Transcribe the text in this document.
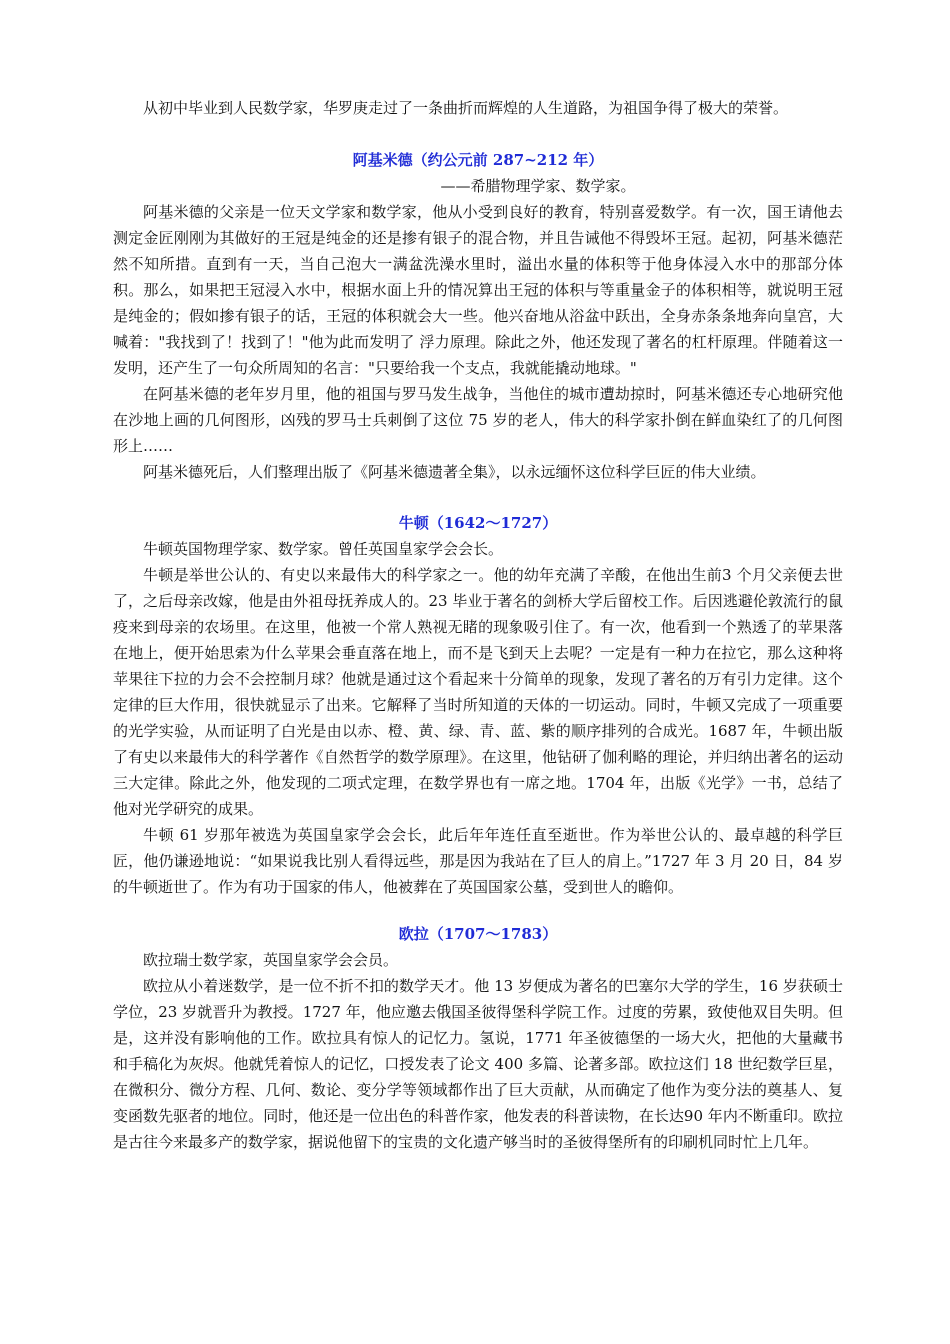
从初中毕业到人民数学家，华罗庚走过了一条曲折而辉煌的人生道路，为祖国争得了极大的荣誉。

阿基米德（约公元前 287~212 年）

——希腊物理学家、数学家。

阿基米德的父亲是一位天文学家和数学家，他从小受到良好的教育，特别喜爱数学。有一次，国王请他去测定金匠刚刚为其做好的王冠是纯金的还是掺有银子的混合物，并且告诫他不得毁坏王冠。起初，阿基米德茫然不知所措。直到有一天，当自己泡大一满盆洗澡水里时，溢出水量的体积等于他身体浸入水中的那部分体积。那么，如果把王冠浸入水中，根据水面上升的情况算出王冠的体积与等重量金子的体积相等，就说明王冠是纯金的；假如掺有银子的话，王冠的体积就会大一些。他兴奋地从浴盆中跃出，全身赤条条地奔向皇宫，大喊着："我找到了！找到了！"他为此而发明了 浮力原理。除此之外，他还发现了著名的杠杆原理。伴随着这一发明，还产生了一句众所周知的名言："只要给我一个支点，我就能撬动地球。"

在阿基米德的老年岁月里，他的祖国与罗马发生战争，当他住的城市遭劫掠时，阿基米德还专心地研究他在沙地上画的几何图形，凶残的罗马士兵刺倒了这位 75 岁的老人，伟大的科学家扑倒在鲜血染红了的几何图形上……

阿基米德死后，人们整理出版了《阿基米德遗著全集》，以永远缅怀这位科学巨匠的伟大业绩。

牛顿（1642～1727）

牛顿英国物理学家、数学家。曾任英国皇家学会会长。

牛顿是举世公认的、有史以来最伟大的科学家之一。他的幼年充满了辛酸，在他出生前3 个月父亲便去世了，之后母亲改嫁，他是由外祖母抚养成人的。23 毕业于著名的剑桥大学后留校工作。后因逃避伦敦流行的鼠疫来到母亲的农场里。在这里，他被一个常人熟视无睹的现象吸引住了。有一次，他看到一个熟透了的苹果落在地上，便开始思索为什么苹果会垂直落在地上，而不是飞到天上去呢？一定是有一种力在拉它，那么这种将苹果往下拉的力会不会控制月球？他就是通过这个看起来十分简单的现象，发现了著名的万有引力定律。这个定律的巨大作用，很快就显示了出来。它解释了当时所知道的天体的一切运动。同时，牛顿又完成了一项重要的光学实验，从而证明了白光是由以赤、橙、黄、绿、青、蓝、紫的顺序排列的合成光。1687 年，牛顿出版了有史以来最伟大的科学著作《自然哲学的数学原理》。在这里，他钻研了伽利略的理论，并归纳出著名的运动三大定律。除此之外，他发现的二项式定理，在数学界也有一席之地。1704 年，出版《光学》一书，总结了他对光学研究的成果。

牛顿 61 岁那年被选为英国皇家学会会长，此后年年连任直至逝世。作为举世公认的、最卓越的科学巨匠，他仍谦逊地说：“如果说我比别人看得远些，那是因为我站在了巨人的肩上。”1727 年 3 月 20 日，84 岁的牛顿逝世了。作为有功于国家的伟人，他被葬在了英国国家公墓，受到世人的瞻仰。

欧拉（1707～1783）

欧拉瑞士数学家，英国皇家学会会员。

欧拉从小着迷数学，是一位不折不扣的数学天才。他 13 岁便成为著名的巴塞尔大学的学生，16 岁获硕士学位，23 岁就晋升为教授。1727 年，他应邀去俄国圣彼得堡科学院工作。过度的劳累，致使他双目失明。但是，这并没有影响他的工作。欧拉具有惊人的记忆力。氢说，1771 年圣彼德堡的一场大火，把他的大量藏书和手稿化为灰烬。他就凭着惊人的记忆，口授发表了论文 400 多篇、论著多部。欧拉这们 18 世纪数学巨星，在微积分、微分方程、几何、数论、变分学等领域都作出了巨大贡献，从而确定了他作为变分法的奠基人、复变函数先驱者的地位。同时，他还是一位出色的科普作家，他发表的科普读物，在长达90 年内不断重印。欧拉是古往今来最多产的数学家，据说他留下的宝贵的文化遗产够当时的圣彼得堡所有的印刷机同时忙上几年。
